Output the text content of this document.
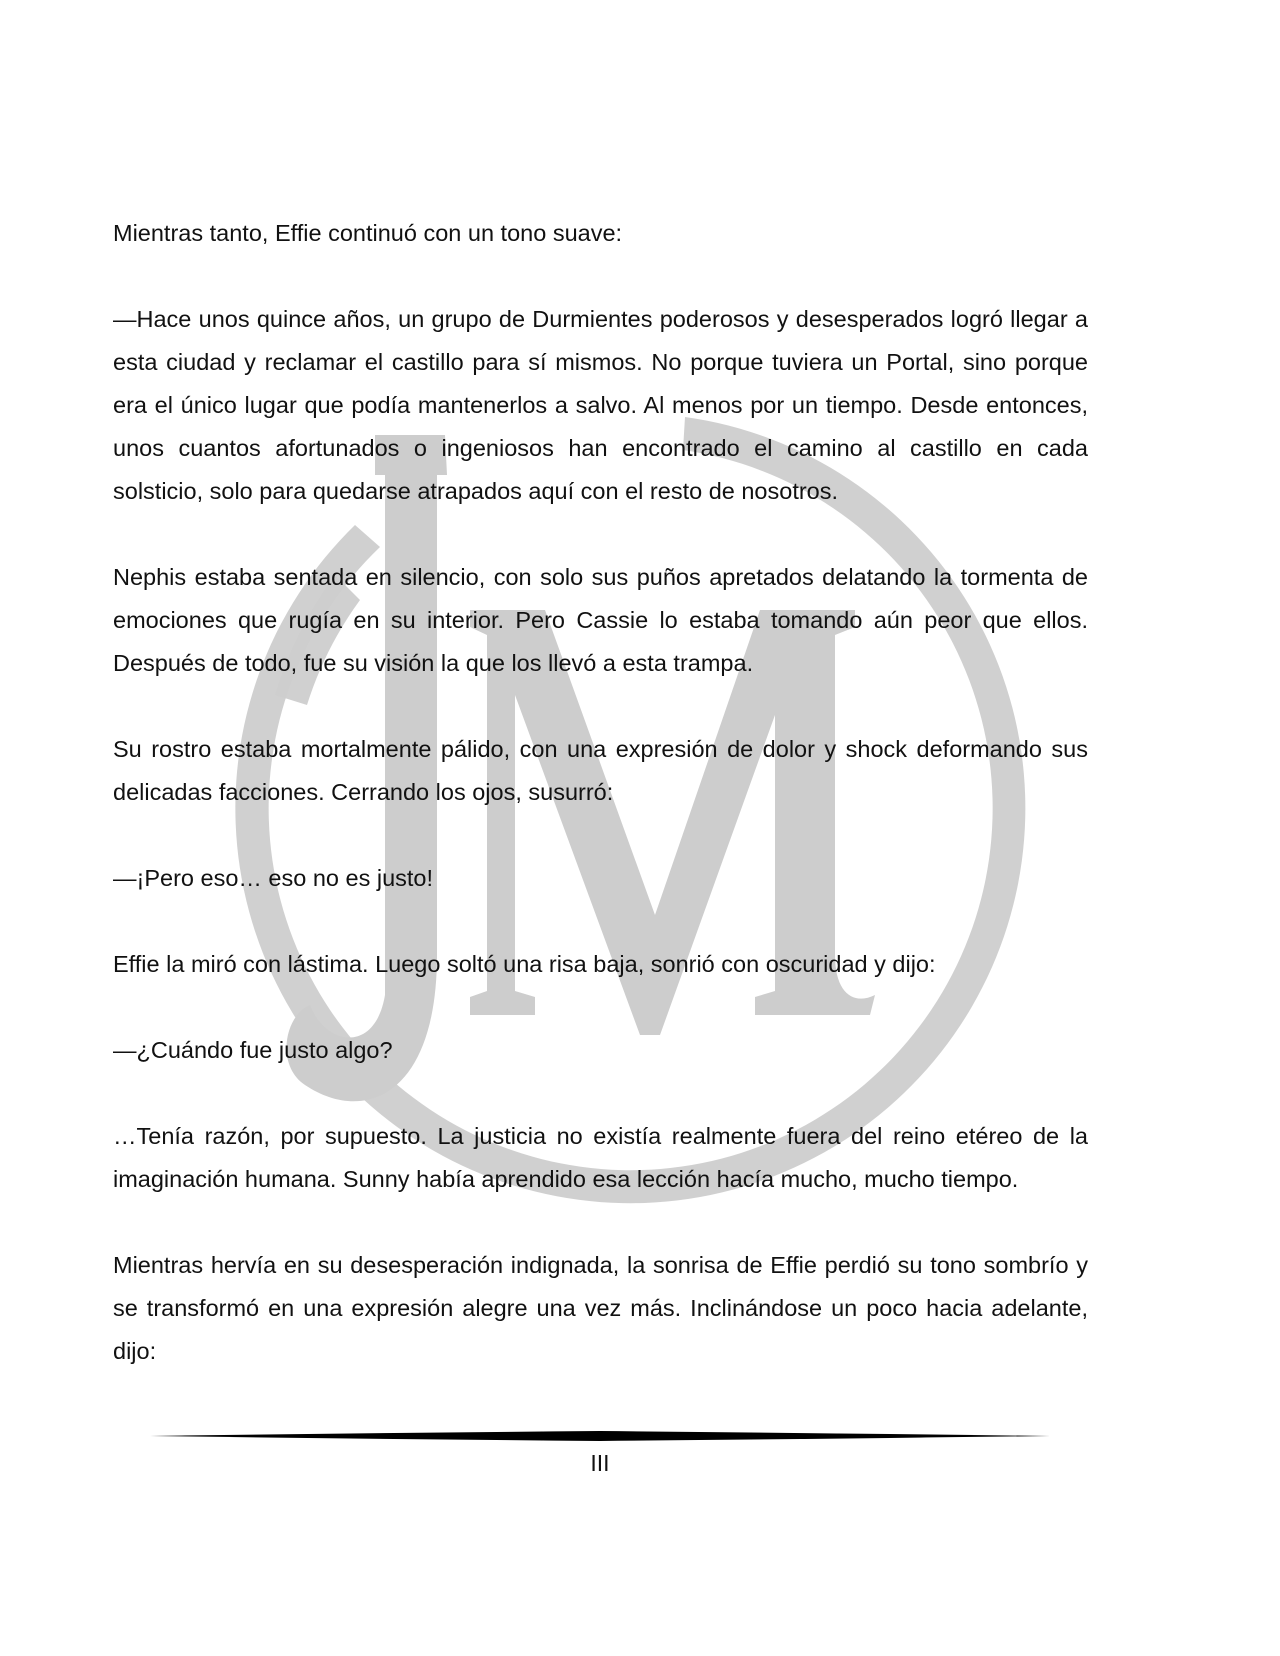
Mientras tanto, Effie continuó con un tono suave:

—Hace unos quince años, un grupo de Durmientes poderosos y desesperados logró llegar a esta ciudad y reclamar el castillo para sí mismos. No porque tuviera un Portal, sino porque era el único lugar que podía mantenerlos a salvo. Al menos por un tiempo. Desde entonces, unos cuantos afortunados o ingeniosos han encontrado el camino al castillo en cada solsticio, solo para quedarse atrapados aquí con el resto de nosotros.

Nephis estaba sentada en silencio, con solo sus puños apretados delatando la tormenta de emociones que rugía en su interior. Pero Cassie lo estaba tomando aún peor que ellos. Después de todo, fue su visión la que los llevó a esta trampa.

Su rostro estaba mortalmente pálido, con una expresión de dolor y shock deformando sus delicadas facciones. Cerrando los ojos, susurró:

—¡Pero eso… eso no es justo!

Effie la miró con lástima. Luego soltó una risa baja, sonrió con oscuridad y dijo:

—¿Cuándo fue justo algo?

…Tenía razón, por supuesto. La justicia no existía realmente fuera del reino etéreo de la imaginación humana. Sunny había aprendido esa lección hacía mucho, mucho tiempo.

Mientras hervía en su desesperación indignada, la sonrisa de Effie perdió su tono sombrío y se transformó en una expresión alegre una vez más. Inclinándose un poco hacia adelante, dijo:

III
